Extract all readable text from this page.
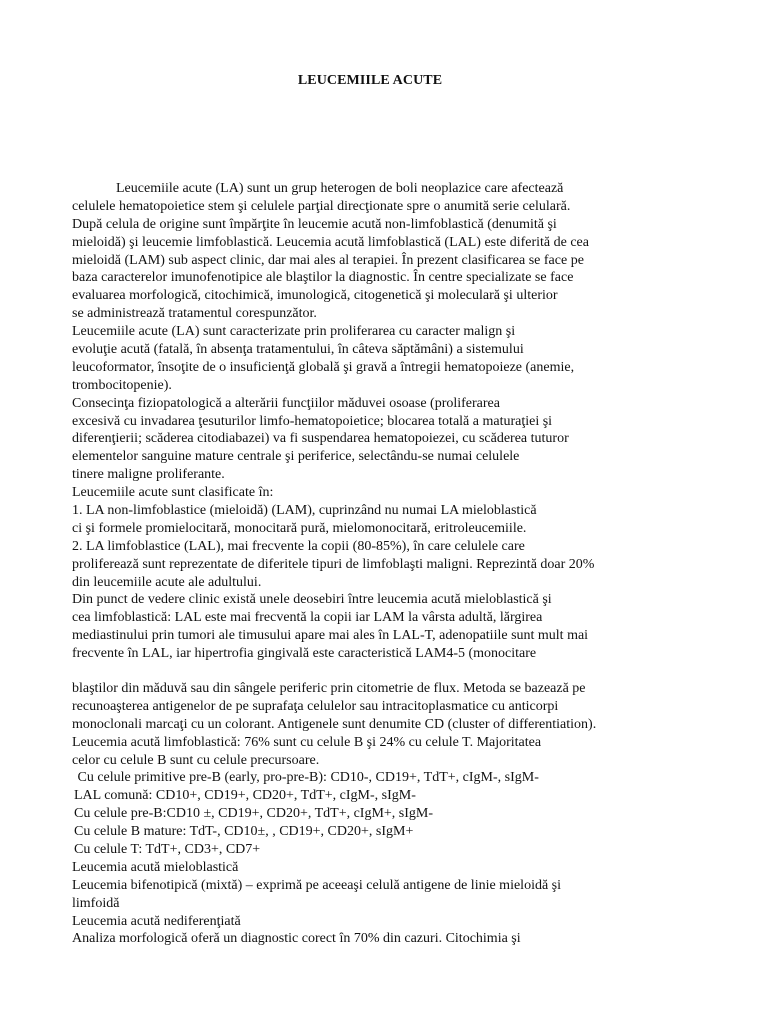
LEUCEMIILE ACUTE
Leucemiile acute (LA) sunt un grup heterogen de boli neoplazice care afectează
celulele hematopoietice stem şi celulele parţial direcţionate spre o anumită serie celulară.
După celula de origine sunt împărţite în leucemie acută non-limfoblastică (denumită şi
mieloidă) şi leucemie limfoblastică. Leucemia acută limfoblastică (LAL) este diferită de cea
mieloidă (LAM) sub aspect clinic, dar mai ales al terapiei. În prezent clasificarea se face pe
baza caracterelor imunofenotipice ale blaştilor la diagnostic. În centre specializate se face
evaluarea morfologică, citochimică, imunologică, citogenetică şi moleculară şi ulterior
se administrează tratamentul corespunzător.
Leucemiile acute (LA) sunt caracterizate prin proliferarea cu caracter malign şi
evoluţie acută (fatală, în absenţa tratamentului, în câteva săptămâni) a sistemului
leucoformator, însoţite de o insuficienţă globală şi gravă a întregii hematopoieze (anemie,
trombocitopenie).
Consecinţa fiziopatologică a alterării funcţiilor măduvei osoase (proliferarea
excesivă cu invadarea ţesuturilor limfo-hematopoietice; blocarea totală a maturaţiei şi
diferenţierii; scăderea citodiabazei) va fi suspendarea hematopoiezei, cu scăderea tuturor
elementelor sanguine mature centrale şi periferice, selectându-se numai celulele
tinere maligne proliferante.
Leucemiile acute sunt clasificate în:
1. LA non-limfoblastice (mieloidă) (LAM), cuprinzând nu numai LA mieloblastică
ci şi formele promielocitară, monocitară pură, mielomonocitară, eritroleucemiile.
2. LA limfoblastice (LAL), mai frecvente la copii (80-85%), în care celulele care
proliferează sunt reprezentate de diferitele tipuri de limfoblaşti maligni. Reprezintă doar 20%
din leucemiile acute ale adultului.
Din punct de vedere clinic există unele deosebiri între leucemia acută mieloblastică şi
cea limfoblastică: LAL este mai frecventă la copii iar LAM la vârsta adultă, lărgirea
mediastinului prin tumori ale timusului apare mai ales în LAL-T, adenopatiile sunt mult mai
frecvente în LAL, iar hipertrofia gingivală este caracteristică LAM4-5 (monocitare
blaştilor din măduvă sau din sângele periferic prin citometrie de flux. Metoda se bazează pe
recunoaşterea antigenelor de pe suprafaţa celulelor sau intracitoplasmatice cu anticorpi
monoclonali marcaţi cu un colorant. Antigenele sunt denumite CD (cluster of differentiation).
Leucemia acută limfoblastică: 76% sunt cu celule B şi 24% cu celule T. Majoritatea
celor cu celule B sunt cu celule precursoare.
Cu celule primitive pre-B (early, pro-pre-B): CD10-, CD19+, TdT+, cIgM-, sIgM-
LAL comună: CD10+, CD19+, CD20+, TdT+, cIgM-, sIgM-
Cu celule pre-B:CD10 ±, CD19+, CD20+, TdT+, cIgM+, sIgM-
Cu celule B mature: TdT-, CD10±, , CD19+, CD20+, sIgM+
Cu celule T: TdT+, CD3+, CD7+
Leucemia acută mieloblastică
Leucemia bifenotipică (mixtă) – exprimă pe aceeaşi celulă antigene de linie mieloidă şi
limfoidă
Leucemia acută nediferenţiată
Analiza morfologică oferă un diagnostic corect în 70% din cazuri. Citochimia şi
